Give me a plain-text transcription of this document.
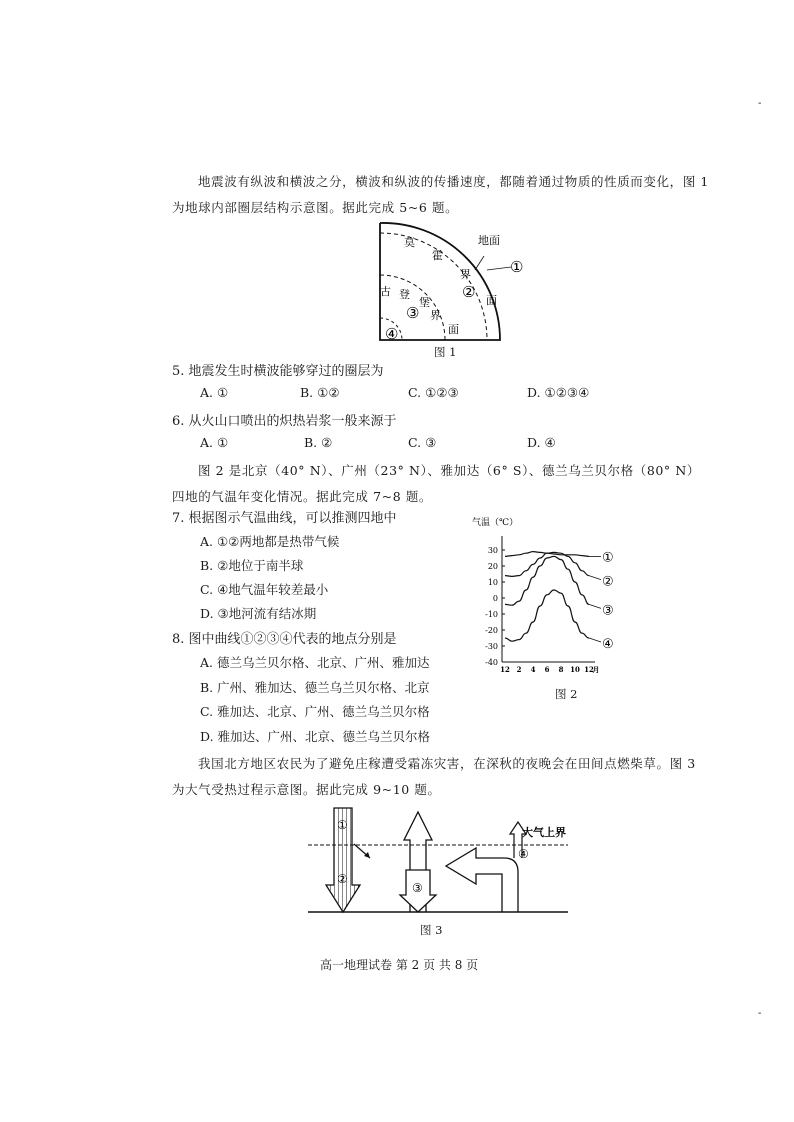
-
-
地震波有纵波和横波之分，横波和纵波的传播速度，都随着通过物质的性质而变化，图 1
为地球内部圈层结构示意图。据此完成 5~6 题。
地面
莫
霍
界
面
古 登
堡
界
面
①
②
③
④
图 1
5. 地震发生时横波能够穿过的圈层为
A. ①	B. ①②	C. ①②③	D. ①②③④
6. 从火山口喷出的炽热岩浆一般来源于
A. ①	B. ②	C. ③	D. ④
图 2 是北京（40° N）、广州（23° N）、雅加达（6° S）、德兰乌兰贝尔格（80° N）
四地的气温年变化情况。据此完成 7~8 题。
7. 根据图示气温曲线，可以推测四地中
A. ①②两地都是热带气候
B. ②地位于南半球
C. ④地气温年较差最小
D. ③地河流有结冰期
8. 图中曲线①②③④代表的地点分别是
A. 德兰乌兰贝尔格、北京、广州、雅加达
B. 广州、雅加达、德兰乌兰贝尔格、北京
C. 雅加达、北京、广州、德兰乌兰贝尔格
D. 雅加达、广州、北京、德兰乌兰贝尔格
气温（℃）
30
20
10
0
-10
-20
-30
-40
12 2 4 6 8 10 12
月
①
②
③
④
图 2
我国北方地区农民为了避免庄稼遭受霜冻灾害，在深秋的夜晚会在田间点燃柴草。图 3
为大气受热过程示意图。据此完成 9~10 题。
大气上界
①
②
③
④
图 3
高一地理试卷 第 2 页 共 8 页
